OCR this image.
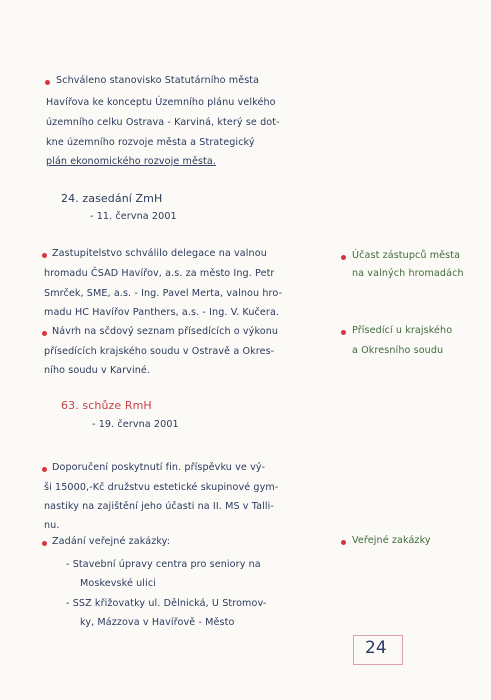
Schváleno stanovisko Statutárního města
Havířova ke konceptu Územního plánu velkého
územního celku Ostrava - Karviná, který se dot-
kne územního rozvoje města a Strategický
plán ekonomického rozvoje města.
24. zasedání ZmH
- 11. června 2001
Zastupitelstvo schválilo delegace na valnou
hromadu ČSAD Havířov, a.s. za město Ing. Petr
Smrček, SME, a.s. - Ing. Pavel Merta, valnou hro-
madu HC Havířov Panthers, a.s. - Ing. V. Kučera.
Návrh na sčdový seznam přísedících o výkonu
přísedících krajského soudu v Ostravě a Okres-
ního soudu v Karviné.
Účast zástupců města
na valných hromadách
Přísedící u krajského
a Okresního soudu
63. schůze RmH
- 19. června 2001
Doporučení poskytnutí fin. příspěvku ve vý-
ši 15000,-Kč družstvu estetické skupinové gym-
nastiky na zajištění jeho účasti na II. MS v Talli-
nu.
Zadání veřejné zakázky:
- Stavební úpravy centra pro seniory na
Moskevské ulici
- SSZ křižovatky ul. Dělnická, U Stromov-
ky, Mázzova v Havířově - Město
Veřejné zakázky
24
